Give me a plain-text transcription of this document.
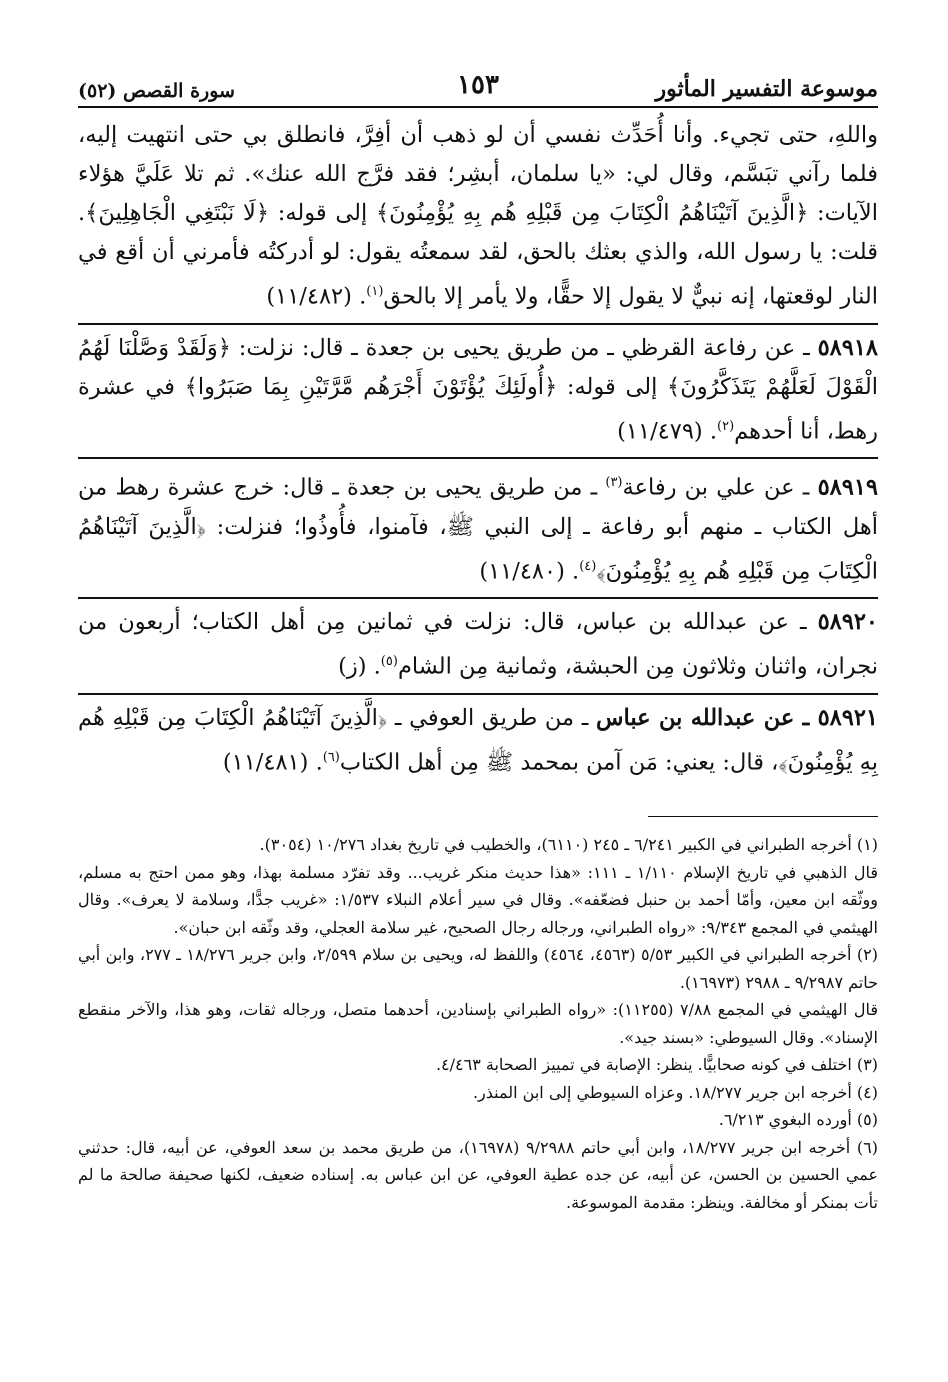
موسوعة التفسير المأثور
١٥٣
سورة القصص (٥٢)

واللهِ، حتى تجيء. وأنا أُحَدِّث نفسي أن لو ذهب أن أفِرَّ، فانطلق بي حتى انتهيت إليه، فلما رآني تبَسَّم، وقال لي: «يا سلمان، أبشِر؛ فقد فرَّج الله عنك». ثم تلا عَلَيَّ هؤلاء الآيات: ﴿الَّذِينَ آتَيْنَاهُمُ الْكِتَابَ مِن قَبْلِهِ هُم بِهِ يُؤْمِنُونَ﴾ إلى قوله: ﴿لَا نَبْتَغِي الْجَاهِلِينَ﴾. قلت: يا رسول الله، والذي بعثك بالحق، لقد سمعتُه يقول: لو أدركتُه فأمرني أن أقع في النار لوقعتها، إنه نبيٌّ لا يقول إلا حقًّا، ولا يأمر إلا بالحق$^{(١)}$. (١١/٤٨٢)

٥٨٩١٨ ـ عن رفاعة القرظي ـ من طريق يحيى بن جعدة ـ قال: نزلت: ﴿وَلَقَدْ وَصَّلْنَا لَهُمُ الْقَوْلَ لَعَلَّهُمْ يَتَذَكَّرُونَ﴾ إلى قوله: ﴿أُولَئِكَ يُؤْتَوْنَ أَجْرَهُم مَّرَّتَيْنِ بِمَا صَبَرُوا﴾ في عشرة رهط، أنا أحدهم$^{(٢)}$. (١١/٤٧٩)

٥٨٩١٩ ـ عن علي بن رفاعة$^{(٣)}$ ـ من طريق يحيى بن جعدة ـ قال: خرج عشرة رهط من أهل الكتاب ـ منهم أبو رفاعة ـ إلى النبي ﷺ، فآمنوا، فأُوذُوا؛ فنزلت: ﴿الَّذِينَ آتَيْنَاهُمُ الْكِتَابَ مِن قَبْلِهِ هُم بِهِ يُؤْمِنُونَ﴾$^{(٤)}$. (١١/٤٨٠)

٥٨٩٢٠ ـ عن عبدالله بن عباس، قال: نزلت في ثمانين مِن أهل الكتاب؛ أربعون من نجران، واثنان وثلاثون مِن الحبشة، وثمانية مِن الشام$^{(٥)}$. (ز)

٥٨٩٢١ ـ عن عبدالله بن عباس ـ من طريق العوفي ـ ﴿الَّذِينَ آتَيْنَاهُمُ الْكِتَابَ مِن قَبْلِهِ هُم بِهِ يُؤْمِنُونَ﴾، قال: يعني: مَن آمن بمحمد ﷺ مِن أهل الكتاب$^{(٦)}$. (١١/٤٨١)

(١) أخرجه الطبراني في الكبير ٦/٢٤١ ـ ٢٤٥ (٦١١٠)، والخطيب في تاريخ بغداد ١٠/٢٧٦ (٣٠٥٤).

قال الذهبي في تاريخ الإسلام ١/١١٠ ـ ١١١: «هذا حديث منكر غريب... وقد تفرّد مسلمة بهذا، وهو ممن احتج به مسلم، ووثّقه ابن معين، وأمّا أحمد بن حنبل فضعّفه». وقال في سير أعلام النبلاء ١/٥٣٧: «غريب جدًّا، وسلامة لا يعرف». وقال الهيثمي في المجمع ٩/٣٤٣: «رواه الطبراني، ورجاله رجال الصحيح، غير سلامة العجلي، وقد وثّقه ابن حبان».

(٢) أخرجه الطبراني في الكبير ٥/٥٣ (٤٥٦٣، ٤٥٦٤) واللفظ له، ويحيى بن سلام ٢/٥٩٩، وابن جرير ١٨/٢٧٦ ـ ٢٧٧، وابن أبي حاتم ٩/٢٩٨٧ ـ ٢٩٨٨ (١٦٩٧٣).

قال الهيثمي في المجمع ٧/٨٨ (١١٢٥٥): «رواه الطبراني بإسنادين، أحدهما متصل، ورجاله ثقات، وهو هذا، والآخر منقطع الإسناد». وقال السيوطي: «بسند جيد».

(٣) اختلف في كونه صحابيًّا. ينظر: الإصابة في تمييز الصحابة ٤/٤٦٣.

(٤) أخرجه ابن جرير ١٨/٢٧٧. وعزاه السيوطي إلى ابن المنذر.

(٥) أورده البغوي ٦/٢١٣.

(٦) أخرجه ابن جرير ١٨/٢٧٧، وابن أبي حاتم ٩/٢٩٨٨ (١٦٩٧٨)، من طريق محمد بن سعد العوفي، عن أبيه، قال: حدثني عمي الحسين بن الحسن، عن أبيه، عن جده عطية العوفي، عن ابن عباس به. إسناده ضعيف، لكنها صحيفة صالحة ما لم تأت بمنكر أو مخالفة. وينظر: مقدمة الموسوعة.
